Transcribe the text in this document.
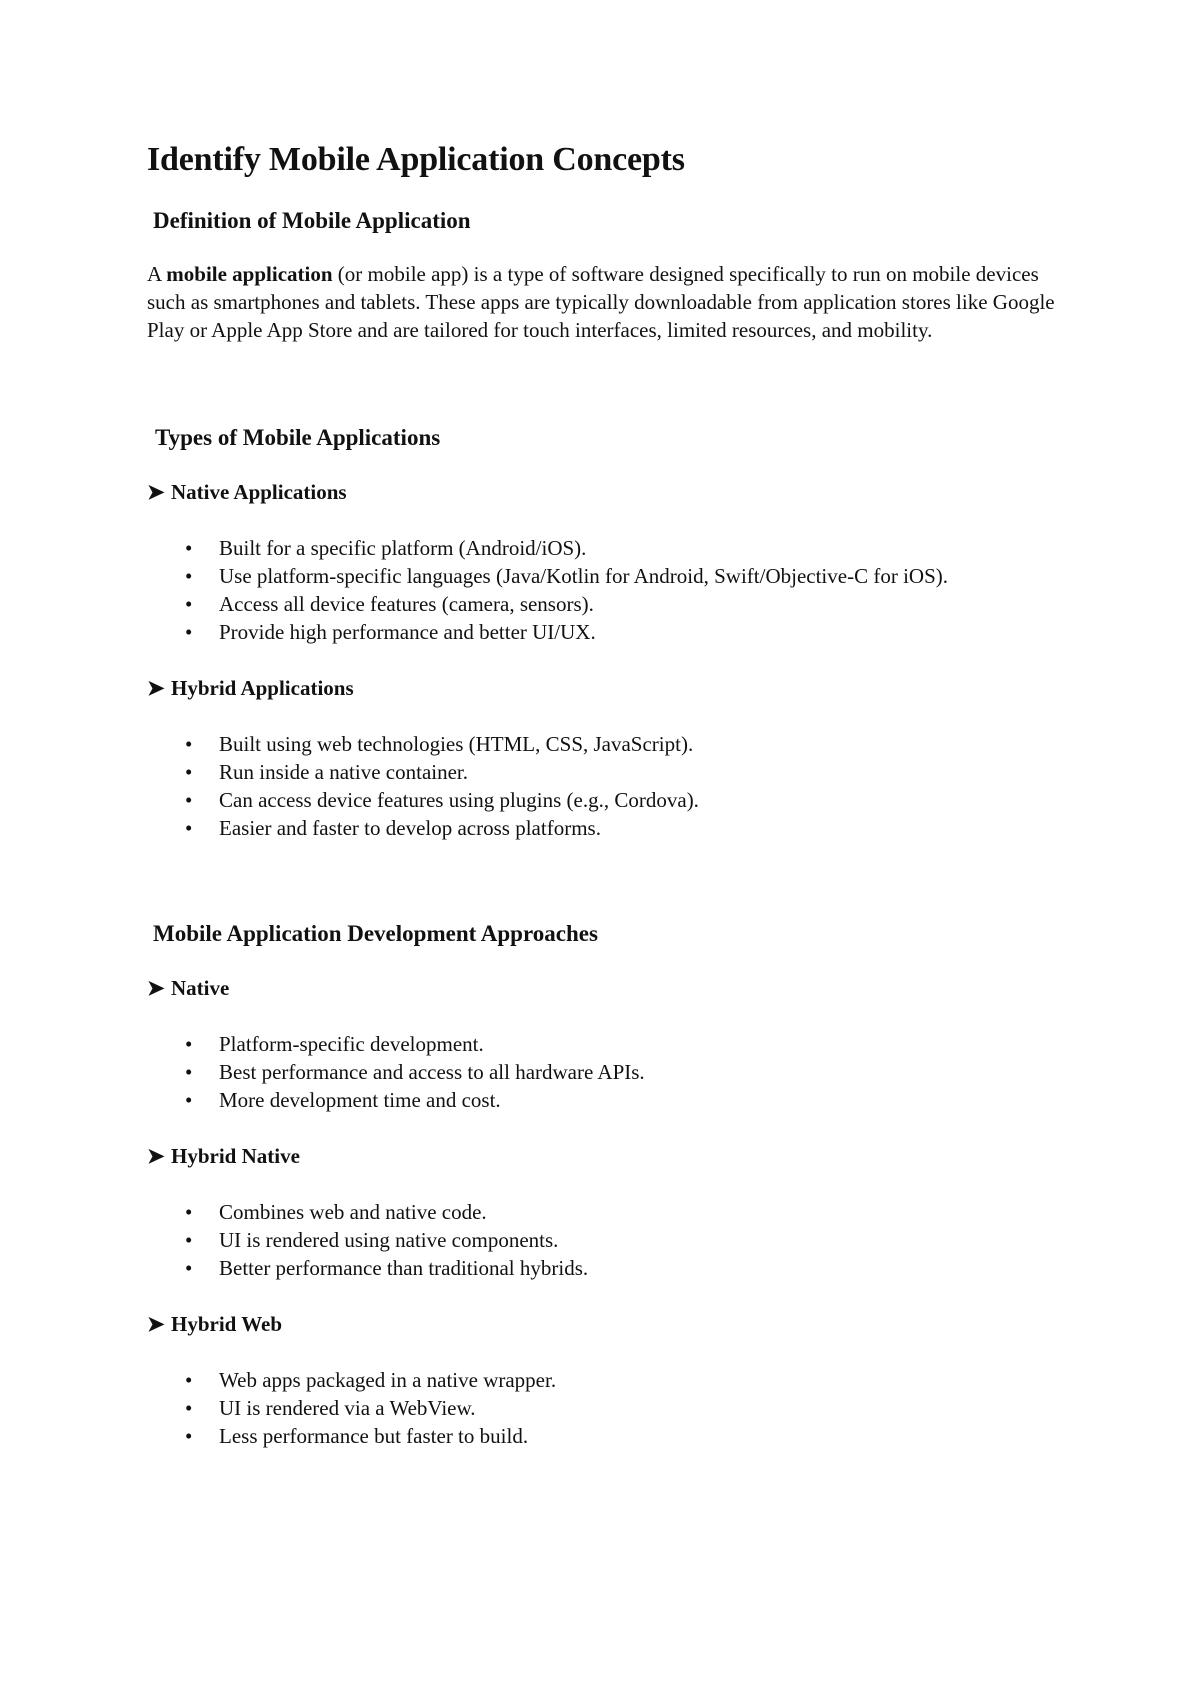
Identify Mobile Application Concepts
Definition of Mobile Application

A mobile application (or mobile app) is a type of software designed specifically to run on mobile devices such as smartphones and tablets. These apps are typically downloadable from application stores like Google Play or Apple App Store and are tailored for touch interfaces, limited resources, and mobility.

Types of Mobile Applications

➤ Native Applications

• Built for a specific platform (Android/iOS).
• Use platform-specific languages (Java/Kotlin for Android, Swift/Objective-C for iOS).
• Access all device features (camera, sensors).
• Provide high performance and better UI/UX.

➤ Hybrid Applications

• Built using web technologies (HTML, CSS, JavaScript).
• Run inside a native container.
• Can access device features using plugins (e.g., Cordova).
• Easier and faster to develop across platforms.
Mobile Application Development Approaches

➤ Native

• Platform-specific development.
• Best performance and access to all hardware APIs.
• More development time and cost.

➤ Hybrid Native

• Combines web and native code.
• UI is rendered using native components.
• Better performance than traditional hybrids.

➤ Hybrid Web

• Web apps packaged in a native wrapper.
• UI is rendered via a WebView.
• Less performance but faster to build.
